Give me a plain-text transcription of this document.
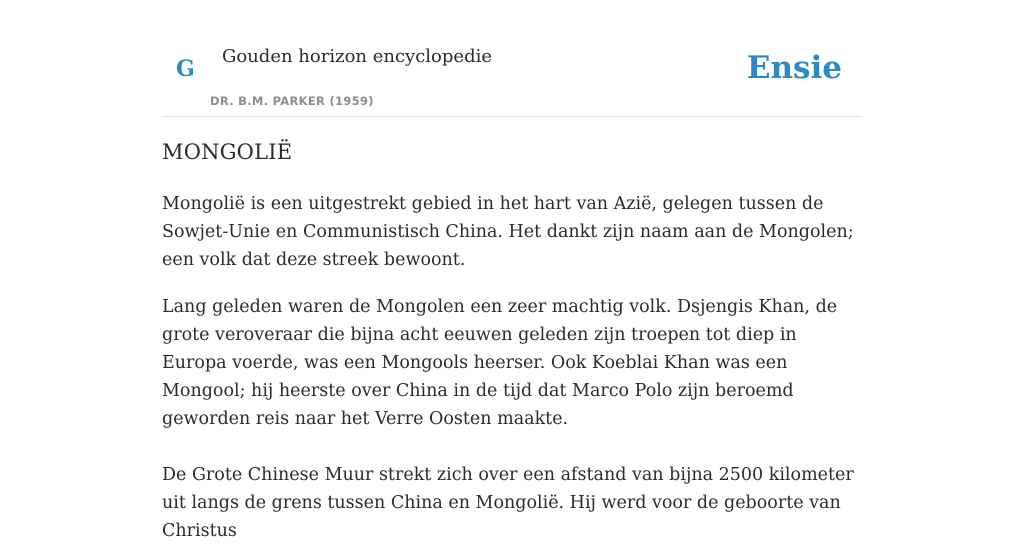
G Gouden horizon encyclopedie
DR. B.M. PARKER (1959)
Ensie
MONGOLIË

Mongolië is een uitgestrekt gebied in het hart van Azië, gelegen tussen de Sowjet-Unie en Communistisch China. Het dankt zijn naam aan de Mongolen; een volk dat deze streek bewoont.

Lang geleden waren de Mongolen een zeer machtig volk. Dsjengis Khan, de grote veroveraar die bijna acht eeuwen geleden zijn troepen tot diep in Europa voerde, was een Mongools heerser. Ook Koeblai Khan was een Mongool; hij heerste over China in de tijd dat Marco Polo zijn beroemd geworden reis naar het Verre Oosten maakte.

De Grote Chinese Muur strekt zich over een afstand van bijna 2500 kilometer uit langs de grens tussen China en Mongolië. Hij werd voor de geboorte van Christus
